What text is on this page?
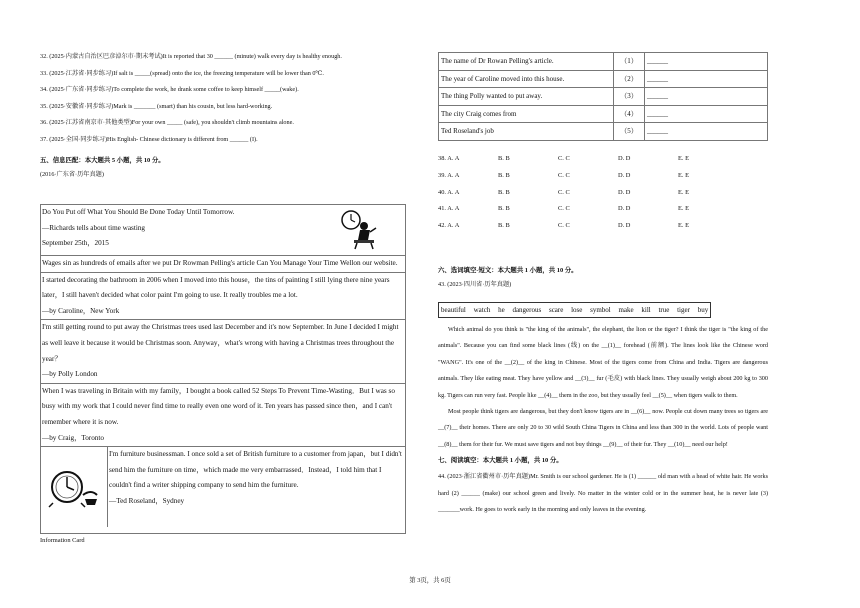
32. (2025·内蒙古自治区巴彦淖尔市·期末考试)It is reported that 30 ______ (minute) walk every day is healthy enough.
33. (2025·江苏省·同步练习)If salt is _____(spread) onto the ice, the freezing temperature will be lower than 0℃.
34. (2025·广东省·同步练习)To complete the work, he drank some coffee to keep himself _____(wake).
35. (2025·安徽省·同步练习)Mark is _______ (smart) than his cousin, but less hard-working.
36. (2025·江苏省南京市·其他类型)For your own _____ (safe), you shouldn't climb mountains alone.
37. (2025·全国·同步练习)His English- Chinese dictionary is different from ______ (I).
五、信息匹配：本大题共 5 小题，共 10 分。
(2016·广东省·历年真题)

Do You Put off What You Should Be Done Today Until Tomorrow.

—Richards tells about time wasting

September 25th，2015

Wages sin as hundreds of emails after we put Dr Rowman Pelling's article Can You Manage Your Time Wellon our website.

I started decorating the bathroom in 2006 when I moved into this house，the tins of painting I still lying there nine years later，I still haven't decided what color paint I'm going to use. It really troubles me a lot.

—by Caroline，New York

I'm still getting round to put away the Christmas trees used last December and it's now September. In June I decided I might as well leave it because it would be Christmas soon. Anyway，what's wrong with having a Christmas trees throughout the year？

—by Polly London

When I was traveling in Britain with my family，I bought a book called 52 Steps To Prevent Time-Wasting．But I was so busy with my work that I could never find time to really even one word of it. Ten years has passed since then，and I can't remember where it is now.

—by Craig，Toronto

I'm furniture businessman. I once sold a set of British furniture to a customer from japan，but I didn't send him the furniture on time，which made me very embarrassed．Instead，I told him that I couldn't find a writer shipping company to send him the furniture.

—Ted Roseland，Sydney

Information Card
The name of Dr Rowan Pelling's article.	（1）	______
The year of Caroline moved into this house.	（2）	______
The thing Polly wanted to put away.	（3）	______
The city Craig comes from	（4）	______
Ted Roseland's job	（5）	______
38. A. A	B. B	C. C	D. D	E. E
39. A. A	B. B	C. C	D. D	E. E
40. A. A	B. B	C. C	D. D	E. E
41. A. A	B. B	C. C	D. D	E. E
42. A. A	B. B	C. C	D. D	E. E
六、选词填空-短文：本大题共 1 小题，共 10 分。
43. (2023·四川省·历年真题)
beautiful watch he dangerous scare lose symbol make kill true tiger buy

Which animal do you think is "the king of the animals", the elephant, the lion or the tiger? I think the tiger is "the king of the animals". Because you can find some black lines (线) on the __(1)__ forehead (前额). The lines look like the Chinese word "WANG". It's one of the __(2)__ of the king in Chinese. Most of the tigers come from China and India. Tigers are dangerous animals. They like eating meat. They have yellow and __(3)__ fur (毛皮) with black lines. They usually weigh about 200 kg to 300 kg. Tigers can run very fast. People like __(4)__ them in the zoo, but they usually feel __(5)__ when tigers walk to them.

Most people think tigers are dangerous, but they don't know tigers are in __(6)__ now. People cut down many trees so tigers are __(7)__ their homes. There are only 20 to 30 wild South China Tigers in China and less than 300 in the world. Lots of people want __(8)__ them for their fur. We must save tigers and not buy things __(9)__ of their fur. They __(10)__ need our help!

七、阅读填空：本大题共 1 小题，共 10 分。
44. (2023·浙江省衢州市·历年真题)Mr. Smith is our school gardener. He is (1) ______ old man with a head of white hair. He works hard (2) ______ (make) our school green and lively. No matter in the winter cold or in the summer heat, he is never late (3) _______work. He goes to work early in the morning and only leaves in the evening.
第 3页，共 6页
